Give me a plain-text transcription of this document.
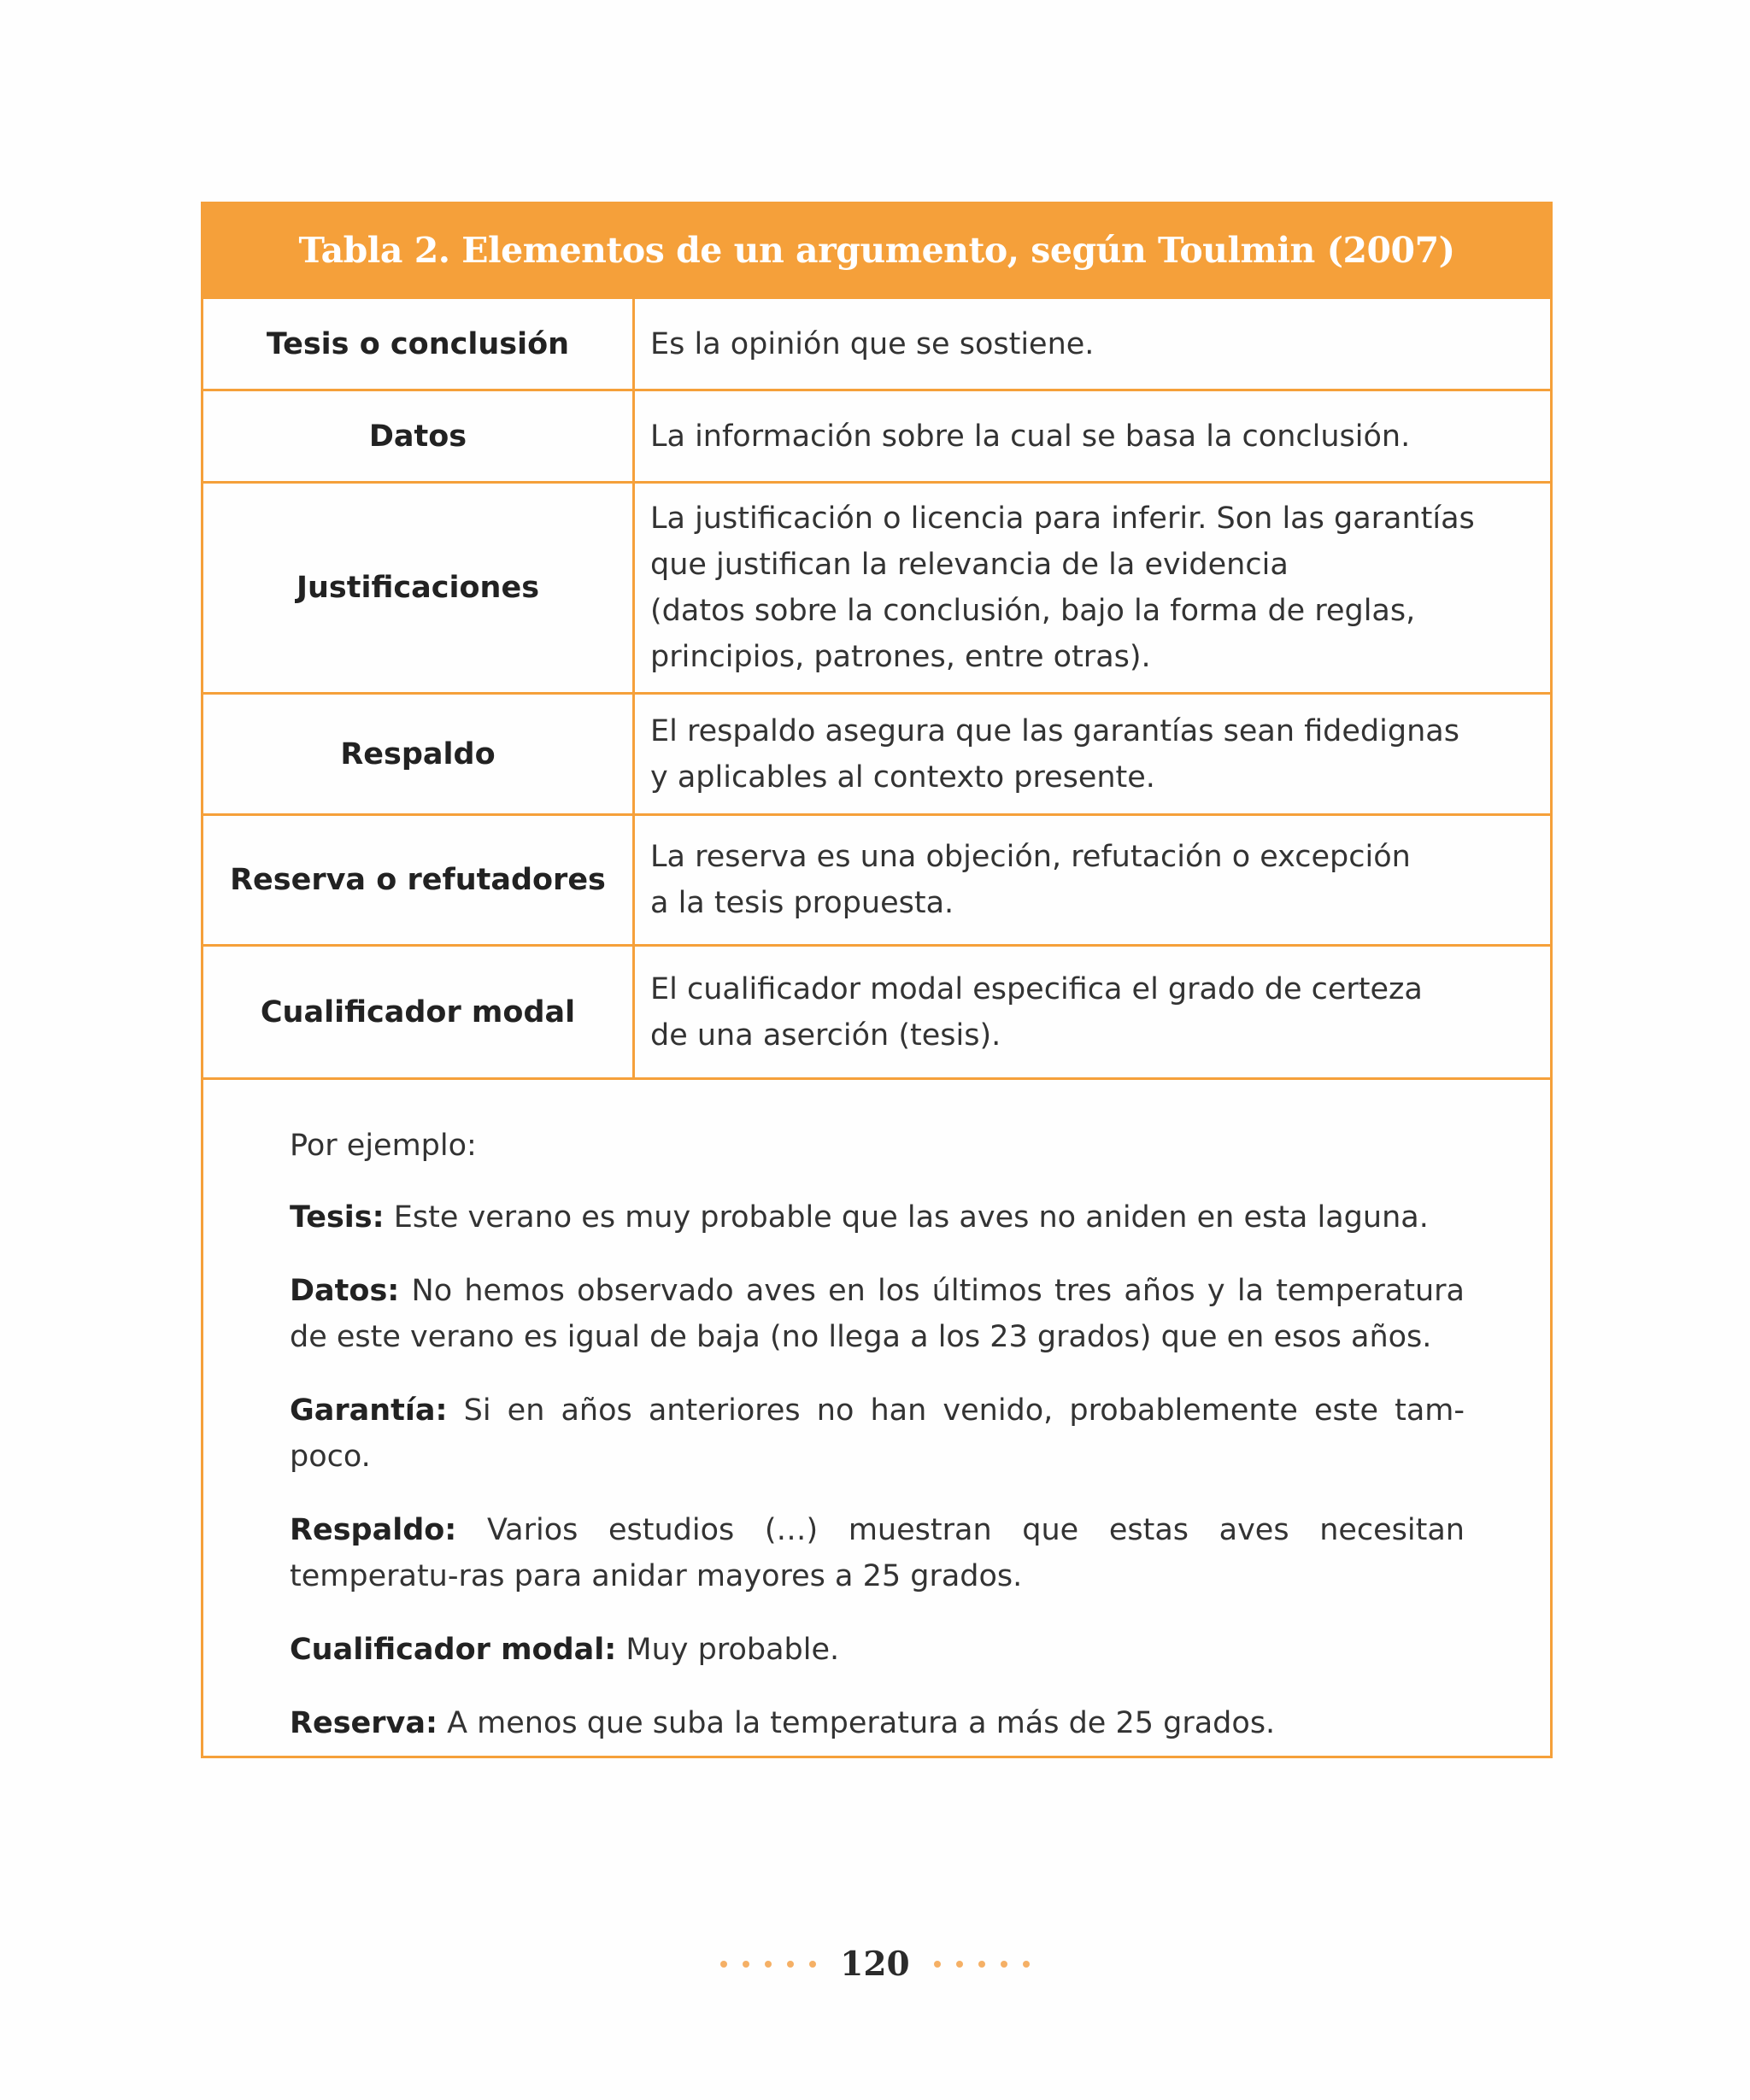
Tabla 2. Elementos de un argumento, según Toulmin (2007)
Tesis o conclusión	Es la opinión que se sostiene.
Datos	La información sobre la cual se basa la conclusión.
Justificaciones
La justificación o licencia para inferir. Son las garantías
que justifican la relevancia de la evidencia
(datos sobre la conclusión, bajo la forma de reglas,
principios, patrones, entre otras).
Respaldo
El respaldo asegura que las garantías sean fidedignas
y aplicables al contexto presente.
Reserva o refutadores
La reserva es una objeción, refutación o excepción
a la tesis propuesta.
Cualificador modal
El cualificador modal especifica el grado de certeza
de una aserción (tesis).

Por ejemplo:

Tesis: Este verano es muy probable que las aves no aniden en esta laguna.

Datos: No hemos observado aves en los últimos tres años y la temperatura de este verano es igual de baja (no llega a los 23 grados) que en esos años.

Garantía: Si en años anteriores no han venido, probablemente este tam-poco.

Respaldo: Varios estudios (…) muestran que estas aves necesitan temperatu-ras para anidar mayores a 25 grados.

Cualificador modal: Muy probable.

Reserva: A menos que suba la temperatura a más de 25 grados.

120
